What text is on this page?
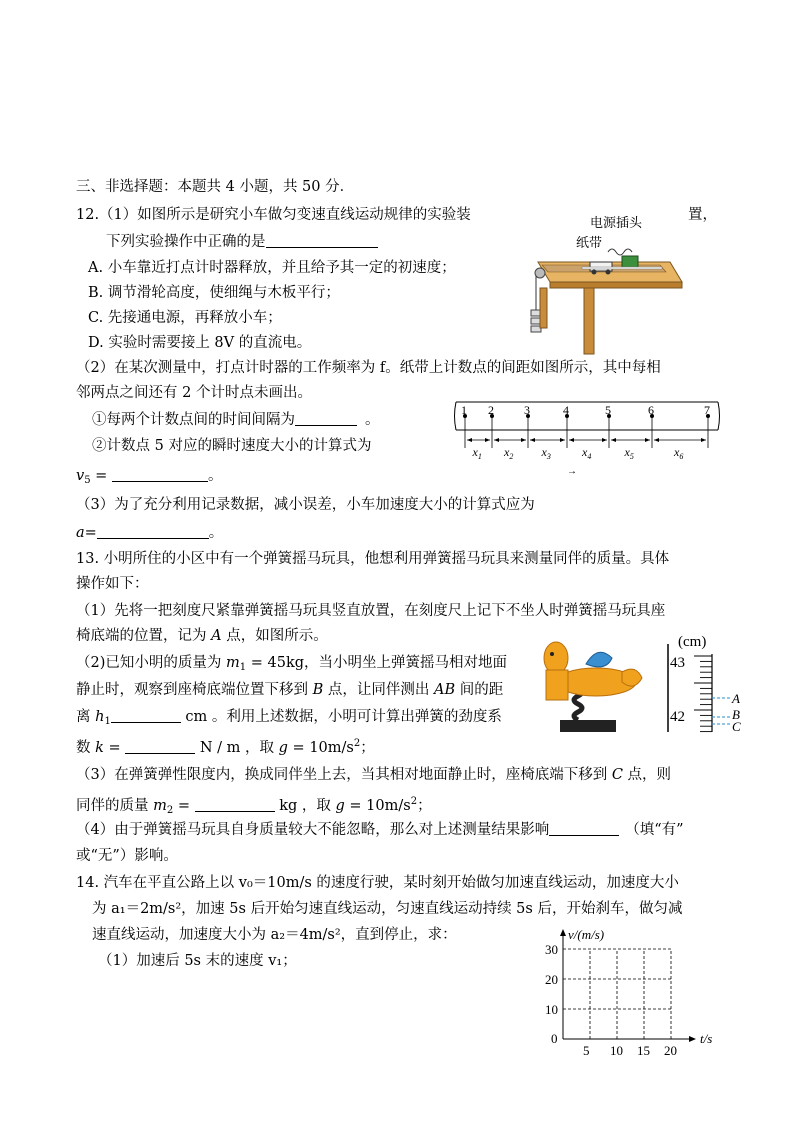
三、非选择题：本题共 4 小题，共 50 分．
12.（1）如图所示是研究小车做匀变速直线运动规律的实验装	置，
下列实验操作中正确的是
A. 小车靠近打点计时器释放，并且给予其一定的初速度；
B. 调节滑轮高度，使细绳与木板平行；
C. 先接通电源，再释放小车；
D. 实验时需要接上 8V 的直流电。
电源插头
纸带
（2）在某次测量中，打点计时器的工作频率为 f。纸带上计数点的间距如图所示，其中每相
邻两点之间还有 2 个计时点未画出。
①每两个计数点间的时间间隔为	。
②计数点 5 对应的瞬时速度大小的计算式为
$v_5$ =	。
1 2	3	4	5	6	7
$x_1$ $x_2$ $x_3$	$x_4$	$x_5$	$x_6$
→
（3）为了充分利用记录数据，减小误差，小车加速度大小的计算式应为
a=	。
13. 小明所住的小区中有一个弹簧摇马玩具，他想利用弹簧摇马玩具来测量同伴的质量。具体
操作如下：
（1）先将一把刻度尺紧靠弹簧摇马玩具竖直放置，在刻度尺上记下不坐人时弹簧摇马玩具座
椅底端的位置，记为 A 点，如图所示。
（2)已知小明的质量为 $m_1 = 45kg$，当小明坐上弹簧摇马相对地面
静止时，观察到座椅底端位置下移到 B 点，让同伴测出 AB 间的距
离 $h_1$	cm 。利用上述数据，小明可计算出弹簧的劲度系
数 k =	N / m ，取 $g = 10m/s^2$；
(cm)
43
42
A
B
C
（3）在弹簧弹性限度内，换成同伴坐上去，当其相对地面静止时，座椅底端下移到 C 点，则
同伴的质量 $m_2$ =	kg ，取 $g = 10m/s^2$；
（4）由于弹簧摇马玩具自身质量较大不能忽略，那么对上述测量结果影响	（填“有”
或“无”）影响。
14. 汽车在平直公路上以 v₀＝10m/s 的速度行驶，某时刻开始做匀加速直线运动，加速度大小
为 a₁＝2m/s²，加速 5s 后开始匀速直线运动，匀速直线运动持续 5s 后，开始刹车，做匀减
速直线运动，加速度大小为 a₂＝4m/s²，直到停止，求：
（1）加速后 5s 末的速度 v₁；
v/(m/s)
t/s
0
10
20
30
5 10 15 20
